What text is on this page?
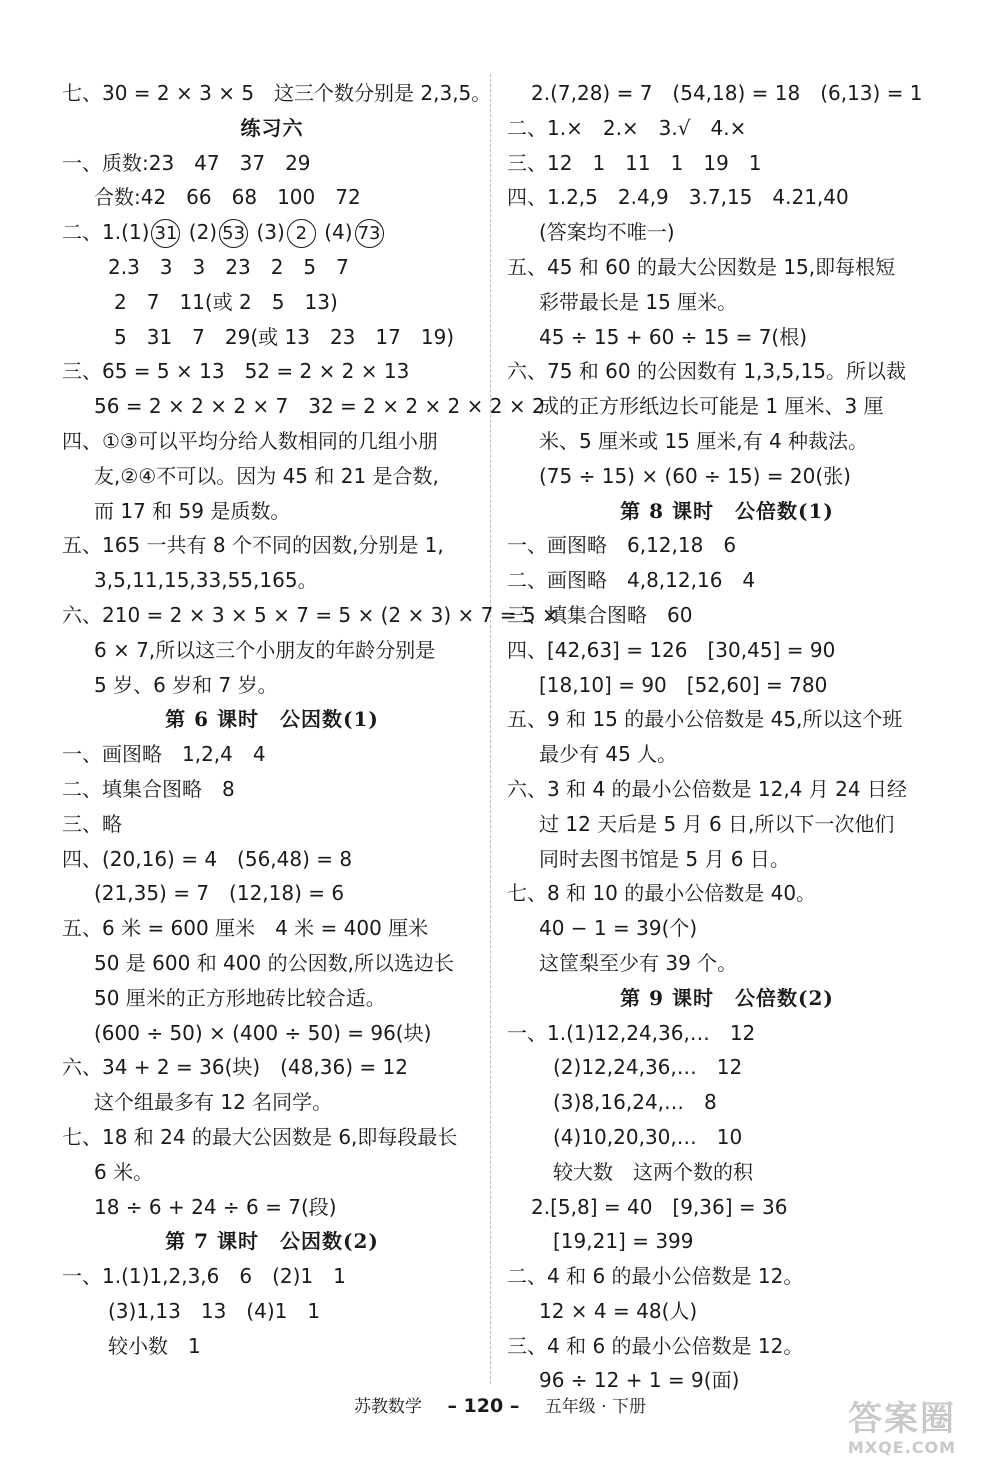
七、30 = 2 × 3 × 5　这三个数分别是 2,3,5。
练习六
一、质数:23　47　37　29
合数:42　66　68　100　72
二、1.(1) 31 (2) 53 (3) 2 (4) 73
2.3　3　3　23　2　5　7
2　7　11(或 2　5　13)
5　31　7　29(或 13　23　17　19)
三、65 = 5 × 13　52 = 2 × 2 × 13
56 = 2 × 2 × 2 × 7　32 = 2 × 2 × 2 × 2 × 2
四、①③可以平均分给人数相同的几组小朋
友,②④不可以。因为 45 和 21 是合数,
而 17 和 59 是质数。
五、165 一共有 8 个不同的因数,分别是 1,
3,5,11,15,33,55,165。
六、210 = 2 × 3 × 5 × 7 = 5 × (2 × 3) × 7 = 5 ×
6 × 7,所以这三个小朋友的年龄分别是
5 岁、6 岁和 7 岁。
第 6 课时　公因数(1)
一、画图略　1,2,4　4
二、填集合图略　8
三、略
四、(20,16) = 4　(56,48) = 8
(21,35) = 7　(12,18) = 6
五、6 米 = 600 厘米　4 米 = 400 厘米
50 是 600 和 400 的公因数,所以选边长
50 厘米的正方形地砖比较合适。
(600 ÷ 50) × (400 ÷ 50) = 96(块)
六、34 + 2 = 36(块)　(48,36) = 12
这个组最多有 12 名同学。
七、18 和 24 的最大公因数是 6,即每段最长
6 米。
18 ÷ 6 + 24 ÷ 6 = 7(段)
第 7 课时　公因数(2)
一、1.(1)1,2,3,6　6　(2)1　1
(3)1,13　13　(4)1　1
较小数　1
2.(7,28) = 7　(54,18) = 18　(6,13) = 1
二、1.×　2.×　3.√　4.×
三、12　1　11　1　19　1
四、1.2,5　2.4,9　3.7,15　4.21,40
(答案均不唯一)
五、45 和 60 的最大公因数是 15,即每根短
彩带最长是 15 厘米。
45 ÷ 15 + 60 ÷ 15 = 7(根)
六、75 和 60 的公因数有 1,3,5,15。所以裁
成的正方形纸边长可能是 1 厘米、3 厘
米、5 厘米或 15 厘米,有 4 种裁法。
(75 ÷ 15) × (60 ÷ 15) = 20(张)
第 8 课时　公倍数(1)
一、画图略　6,12,18　6
二、画图略　4,8,12,16　4
三、填集合图略　60
四、[42,63] = 126　[30,45] = 90
[18,10] = 90　[52,60] = 780
五、9 和 15 的最小公倍数是 45,所以这个班
最少有 45 人。
六、3 和 4 的最小公倍数是 12,4 月 24 日经
过 12 天后是 5 月 6 日,所以下一次他们
同时去图书馆是 5 月 6 日。
七、8 和 10 的最小公倍数是 40。
40 − 1 = 39(个)
这筐梨至少有 39 个。
第 9 课时　公倍数(2)
一、1.(1)12,24,36,…　12
(2)12,24,36,…　12
(3)8,16,24,…　8
(4)10,20,30,…　10
较大数　这两个数的积
2.[5,8] = 40　[9,36] = 36
[19,21] = 399
二、4 和 6 的最小公倍数是 12。
12 × 4 = 48(人)
三、4 和 6 的最小公倍数是 12。
96 ÷ 12 + 1 = 9(面)
苏教数学 – 120 – 五年级 · 下册	答案圈
MXQE.COM
